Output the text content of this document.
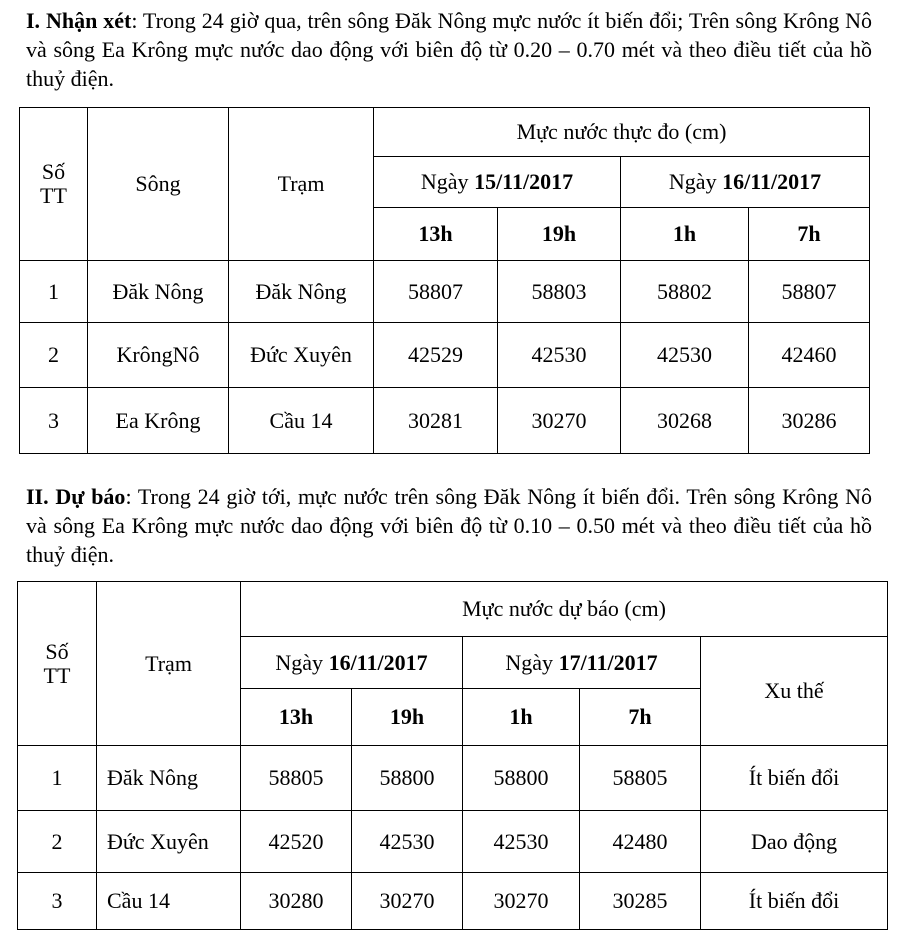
I. Nhận xét: Trong 24 giờ qua, trên sông Đăk Nông mực nước ít biến đổi; Trên sông Krông Nô và sông Ea Krông mực nước dao động với biên độ từ 0.20 – 0.70 mét và theo điều tiết của hồ thuỷ điện.
Số
TT	Sông	Trạm	Mực nước thực đo (cm)			
			Ngày 15/11/2017		Ngày 16/11/2017	
			13h	19h	1h	7h
1	Đăk Nông	Đăk Nông	58807	58803	58802	58807
2	KrôngNô	Đức Xuyên	42529	42530	42530	42460
3	Ea Krông	Cầu 14	30281	30270	30268	30286
II. Dự báo: Trong 24 giờ tới, mực nước trên sông Đăk Nông ít biến đổi. Trên sông Krông Nô và sông Ea Krông mực nước dao động với biên độ từ 0.10 – 0.50 mét và theo điều tiết của hồ thuỷ điện.
Số
TT	Trạm	Mực nước dự báo (cm)				
		Ngày 16/11/2017		Ngày 17/11/2017		Xu thế
		13h	19h	1h	7h	
1	Đăk Nông	58805	58800	58800	58805	Ít biến đổi
2	Đức Xuyên	42520	42530	42530	42480	Dao động
3	Cầu 14	30280	30270	30270	30285	Ít biến đổi
